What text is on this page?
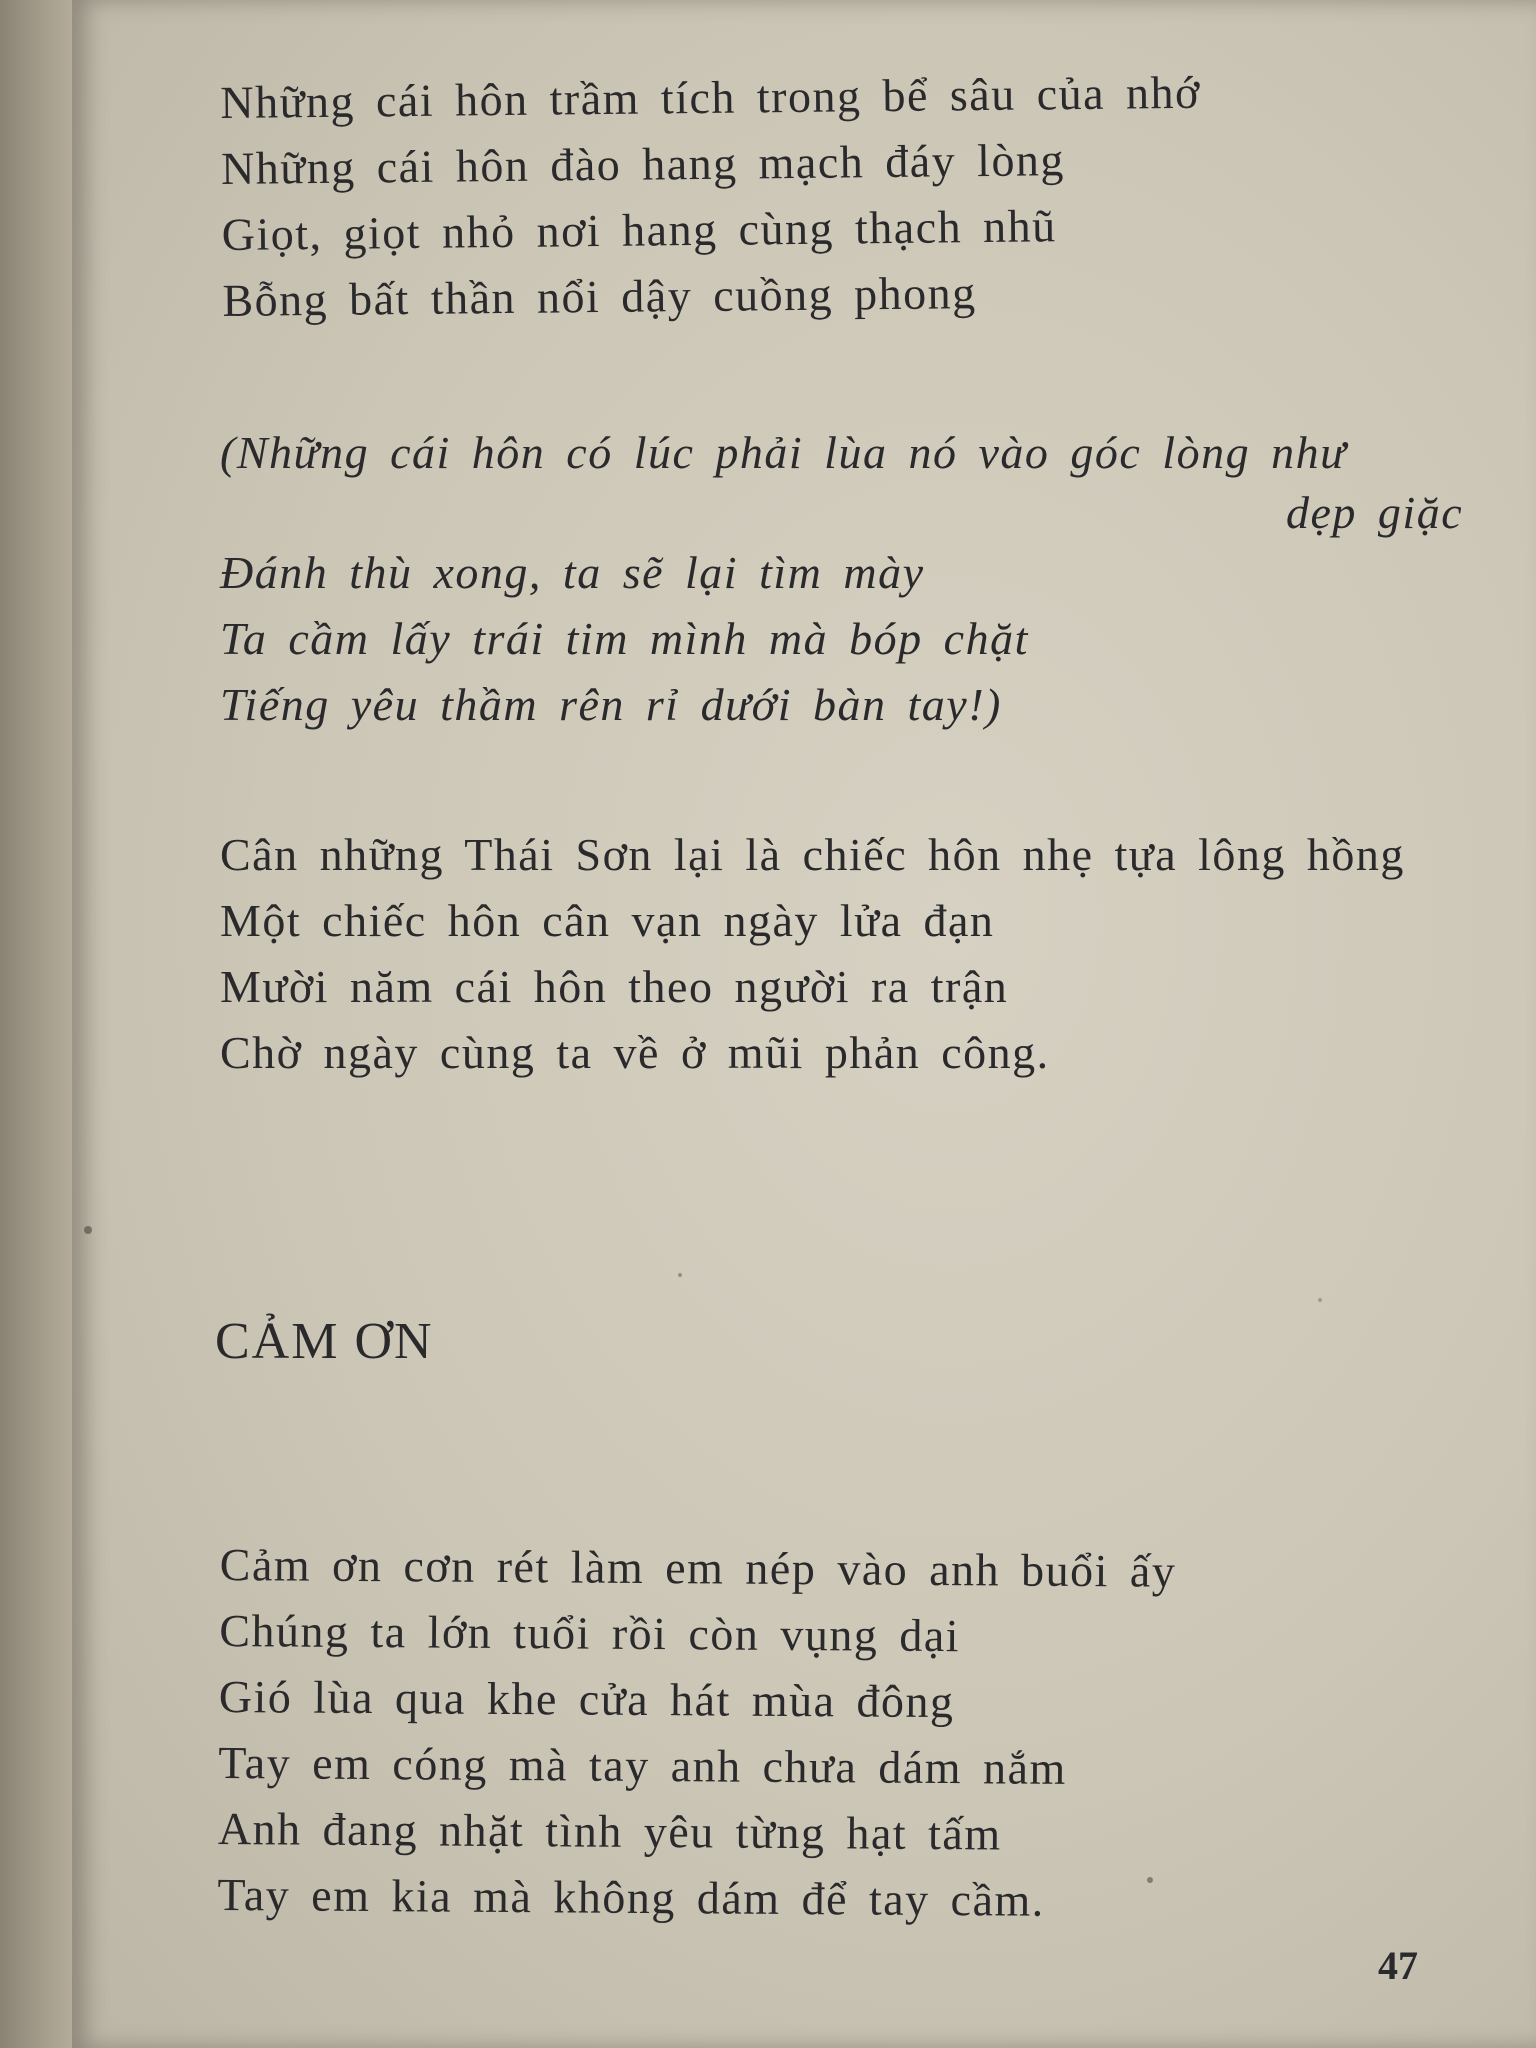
Những cái hôn trầm tích trong bể sâu của nhớ
Những cái hôn đào hang mạch đáy lòng
Giọt, giọt nhỏ nơi hang cùng thạch nhũ
Bỗng bất thần nổi dậy cuồng phong
(Những cái hôn có lúc phải lùa nó vào góc lòng như
dẹp giặc
Đánh thù xong, ta sẽ lại tìm mày
Ta cầm lấy trái tim mình mà bóp chặt
Tiếng yêu thầm rên rỉ dưới bàn tay!)
Cân những Thái Sơn lại là chiếc hôn nhẹ tựa lông hồng
Một chiếc hôn cân vạn ngày lửa đạn
Mười năm cái hôn theo người ra trận
Chờ ngày cùng ta về ở mũi phản công.
CẢM ƠN
Cảm ơn cơn rét làm em nép vào anh buổi ấy
Chúng ta lớn tuổi rồi còn vụng dại
Gió lùa qua khe cửa hát mùa đông
Tay em cóng mà tay anh chưa dám nắm
Anh đang nhặt tình yêu từng hạt tấm
Tay em kia mà không dám để tay cầm.
47
